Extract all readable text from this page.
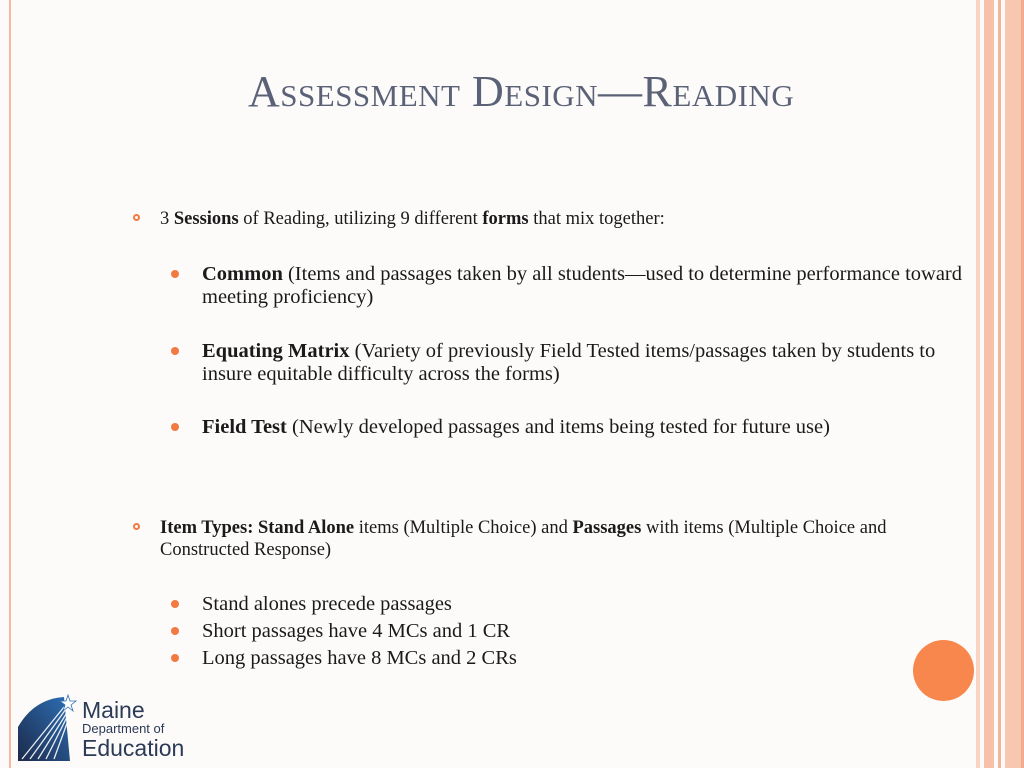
Assessment Design—Reading
3 Sessions of Reading, utilizing 9 different forms that mix together:
Common (Items and passages taken by all students—used to determine performance toward meeting proficiency)
Equating Matrix (Variety of previously Field Tested items/passages taken by students to insure equitable difficulty across the forms)
Field Test (Newly developed passages and items being tested for future use)
Item Types: Stand Alone items (Multiple Choice) and Passages with items (Multiple Choice and Constructed Response)
Stand alones precede passages
Short passages have 4 MCs and 1 CR
Long passages have 8 MCs and 2 CRs
Maine
Department of
Education
